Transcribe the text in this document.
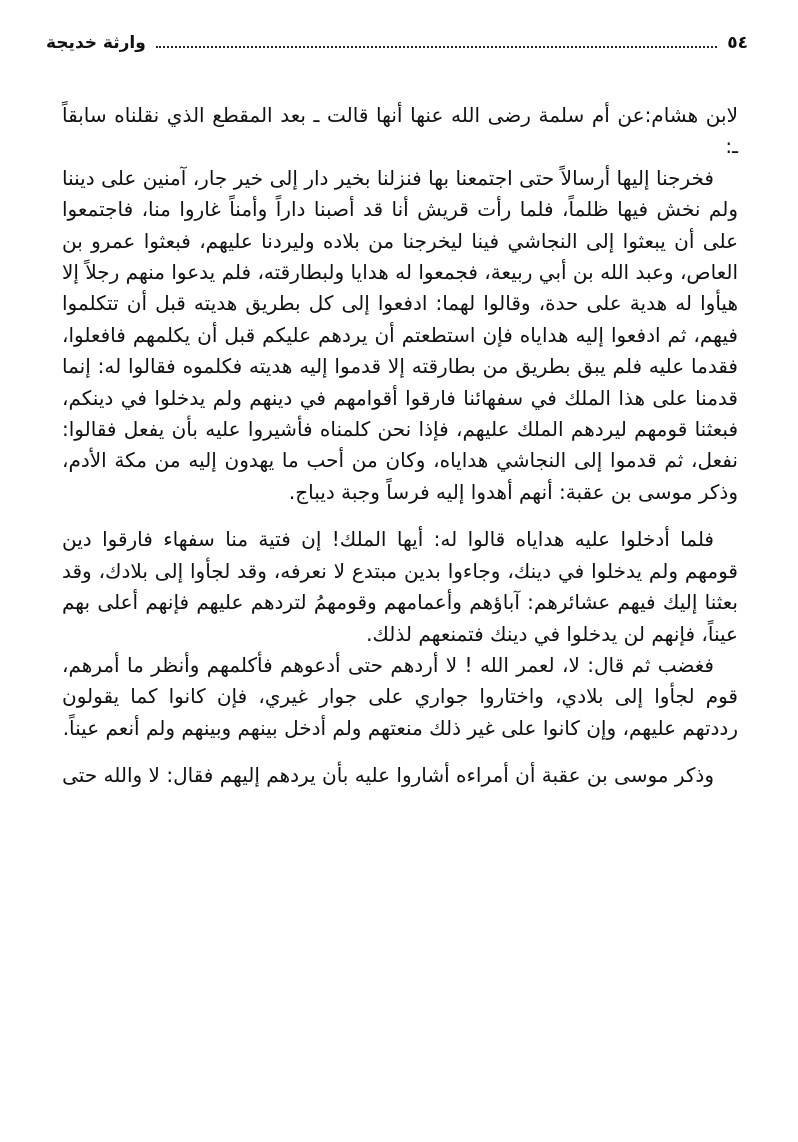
٥٤
وارثة خديجة

لابن هشام:عن أم سلمة رضى الله عنها أنها قالت ـ بعد المقطع الذي نقلناه سابقاً ـ:

فخرجنا إليها أرسالاً حتى اجتمعنا بها فنزلنا بخير دار إلى خير جار، آمنين على ديننا ولم نخش فيها ظلماً، فلما رأت قريش أنا قد أصبنا داراً وأمناً غاروا منا، فاجتمعوا على أن يبعثوا إلى النجاشي فينا ليخرجنا من بلاده وليردنا عليهم، فبعثوا عمرو بن العاص، وعبد الله بن أبي ربيعة، فجمعوا له هدايا ولبطارقته، فلم يدعوا منهم رجلاً إلا هيأوا له هدية على حدة، وقالوا لهما: ادفعوا إلى كل بطريق هديته قبل أن تتكلموا فيهم، ثم ادفعوا إليه هداياه فإن استطعتم أن يردهم عليكم قبل أن يكلمهم فافعلوا، فقدما عليه فلم يبق بطريق من بطارقته إلا قدموا إليه هديته فكلموه فقالوا له: إنما قدمنا على هذا الملك في سفهائنا فارقوا أقوامهم في دينهم ولم يدخلوا في دينكم، فبعثنا قومهم ليردهم الملك عليهم، فإذا نحن كلمناه فأشيروا عليه بأن يفعل فقالوا: نفعل، ثم قدموا إلى النجاشي هداياه، وكان من أحب ما يهدون إليه من مكة الأدم، وذكر موسى بن عقبة: أنهم أهدوا إليه فرساً وجبة ديباج.

فلما أدخلوا عليه هداياه قالوا له: أيها الملك! إن فتية منا سفهاء فارقوا دين قومهم ولم يدخلوا في دينك، وجاءوا بدين مبتدع لا نعرفه، وقد لجأوا إلى بلادك، وقد بعثنا إليك فيهم عشائرهم: آباؤهم وأعمامهم وقومهمُ لتردهم عليهم فإنهم أعلى بهم عيناً، فإنهم لن يدخلوا في دينك فتمنعهم لذلك.

فغضب ثم قال: لا، لعمر الله ! لا أردهم حتى أدعوهم فأكلمهم وأنظر ما أمرهم، قوم لجأوا إلى بلادي، واختاروا جواري على جوار غيري، فإن كانوا كما يقولون رددتهم عليهم، وإن كانوا على غير ذلك منعتهم ولم أدخل بينهم وبينهم ولم أنعم عيناً.

وذكر موسى بن عقبة أن أمراءه أشاروا عليه بأن يردهم إليهم فقال: لا والله حتى
